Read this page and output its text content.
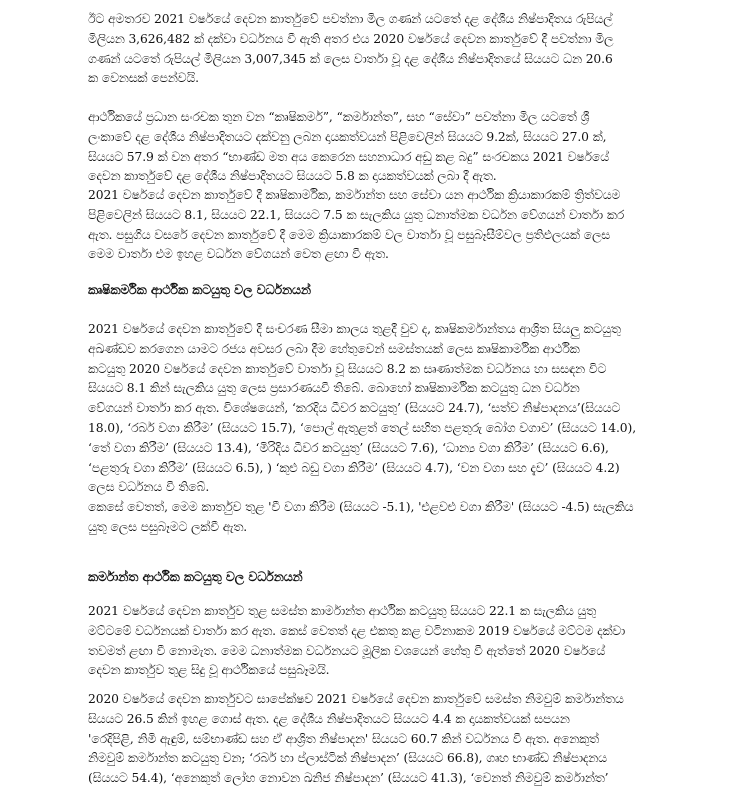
ඊට අමතරව 2021 වර්ෂයේ දෙවන කාර්තුවේ පවත්නා මිල ගණන් යටතේ දළ දේශීය නිෂ්පාදිතය රුපියල්
මිලියන 3,626,482 ක් දක්වා වර්ධනය වී ඇති අතර එය 2020 වර්ෂයේ දෙවන කාර්තුවේ දී පවත්නා මිල
ගණන් යටතේ රුපියල් මිලියන 3,007,345 ක් ලෙස වාර්තා වූ දළ දේශීය නිෂ්පාදිතයේ සියයට ධන 20.6
ක වෙනසක් පෙන්වයි.
ආර්ථිකයේ ප්‍රධාන සංරචක තුන වන “කෘෂිකර්ම”, “කර්මාන්ත”, සහ “සේවා” පවත්නා මිල යටතේ ශ්‍රී
ලංකාවේ දළ දේශීය නිෂ්පාදිතයට දක්වනු ලබන දායකත්වයන් පිළිවෙලින් සියයට 9.2ක්, සියයට 27.0 ක්,
සියයට 57.9 ක් වන අතර “භාණ්ඩ මත අය කෙරෙන සහනාධාර අඩු කළ බදු” සංරචකය 2021 වර්ෂයේ
දෙවන කාර්තුවේ දළ දේශීය නිෂ්පාදිතයට සියයට 5.8 ක දායකත්වයක් ලබා දී ඇත.
2021 වර්ෂයේ දෙවන කාර්තුවේ දී කෘෂිකාර්මික, කර්මාන්ත සහ සේවා යන ආර්ථික ක්‍රියාකාරකම් ත්‍රිත්වයම
පිළිවෙලින් සියයට 8.1, සියයට 22.1, සියයට 7.5 ක සැලකිය යුතු ධනාත්මක වර්ධන වේගයන් වාර්තා කර
ඇත. පසුගිය වසරේ දෙවන කාර්තුවේ දී මෙම ක්‍රියාකාරකම් වල වාර්තා වූ පසුබෑසීම්වල ප්‍රතිඵලයක් ලෙස
මෙම වාර්තා එම ඉහළ වර්ධන වේගයන් වෙත ළඟා වී ඇත.
කෘෂිකර්මික ආර්ථික කටයුතු වල වර්ධනයන්
2021 වර්ෂයේ දෙවන කාර්තුවේ දී සංචරණ සීමා කාලය තුළදී වුව ද, කෘෂිකර්මාන්තය ආශ්‍රිත සියලු කටයුතු
අඛණ්ඩව කරගෙන යාමට රජය අවසර ලබා දීම හේතුවෙන් සමස්තයක් ලෙස කෘෂිකාර්මික ආර්ථික
කටයුතු 2020 වර්ෂයේ දෙවන කාර්තුවේ වාර්තා වූ සියයට 8.2 ක සෘණාත්මක වර්ධනය හා සසඳන විට
සියයට 8.1 කින් සැලකිය යුතු ලෙස ප්‍රසාරණයවී තිබේ. බොහෝ කෘෂිකාර්මික කටයුතු ධන වර්ධන
වේගයන් වාර්තා කර ඇත. විශේෂයෙන්, ‘කරදිය ධීවර කටයුතු’ (සියයට 24.7), ‘සත්ව නිෂ්පාදනය’(සියයට
18.0), ‘රබර් වගා කිරීම’ (සියයට 15.7), ‘පොල් ඇතුළත් තෙල් සහිත පළතුරු බෝග වගාව’ (සියයට 14.0),
‘තේ වගා කිරීම’ (සියයට 13.4), ‘මිරිදිය ධීවර කටයුතු’ (සියයට 7.6), ‘ධාන්‍ය වගා කිරීම’ (සියයට 6.6),
‘පළතුරු වගා කිරීම’ (සියයට 6.5), ) ‘කුළු බඩු වගා කිරීම’ (සියයට 4.7), ‘වන වගා සහ දැව’ (සියයට 4.2)
ලෙස වර්ධනය වී තිබේ.
කෙසේ වෙතත්, මෙම කාර්තුව තුළ 'වී වගා කිරීම (සියයට -5.1), 'එළවළු වගා කිරීම' (සියයට -4.5) සැලකිය
යුතු ලෙස පසුබෑමට ලක්වී ඇත.
කර්මාන්ත ආර්ථික කටයුතු වල වර්ධනයන්
2021 වර්ෂයේ දෙවන කාර්තුව තුළ සමස්ත කාර්මාන්ත ආර්ථික කටයුතු සියයට 22.1 ක සැලකිය යුතු
මට්ටමේ වර්ධනයක් වාර්තා කර ඇත. කෙස් වෙතත් දළ එකතු කළ වටිනාකම 2019 වර්ෂයේ මට්ටම දක්වා
තවමත් ළඟා වී නොමැත. මෙම ධනාත්මක වර්ධනයට මූලික වශයෙන් හේතු වී ඇත්තේ 2020 වර්ෂයේ
දෙවන කාර්තුව තුළ සිදු වූ ආර්ථිකයේ පසුබෑමයි.
2020 වර්ෂයේ දෙවන කාර්තුවට සාපේක්ෂව 2021 වර්ෂයේ දෙවන කාර්තුවේ සමස්ත නිමවුම් කර්මාන්තය
සියයට 26.5 කින් ඉහළ ගොස් ඇත. දළ දේශීය නිෂ්පාදිතයට සියයට 4.4 ක දායකත්වයක් සපයන
'රෙදිපිළි, නිමි ඇඳුම්, සම්භාණ්ඩ සහ ඒ ආශ්‍රිත නිෂ්පාදන' සියයට 60.7 කින් වර්ධනය වී ඇත. අනෙකුත්
නිමවුම් කර්මාන්ත කටයුතු වන; ‘රබර් හා ප්ලාස්ටික් නිෂ්පාදන’ (සියයට 66.8), ගෘහ භාණ්ඩ නිෂ්පාදනය
(සියයට 54.4), ‘අනෙකුත් ලෝහ නොවන ඛනිජ නිෂ්පාදන’ (සියයට 41.3), ‘වෙනත් නිමවුම් කර්මාන්ත’
